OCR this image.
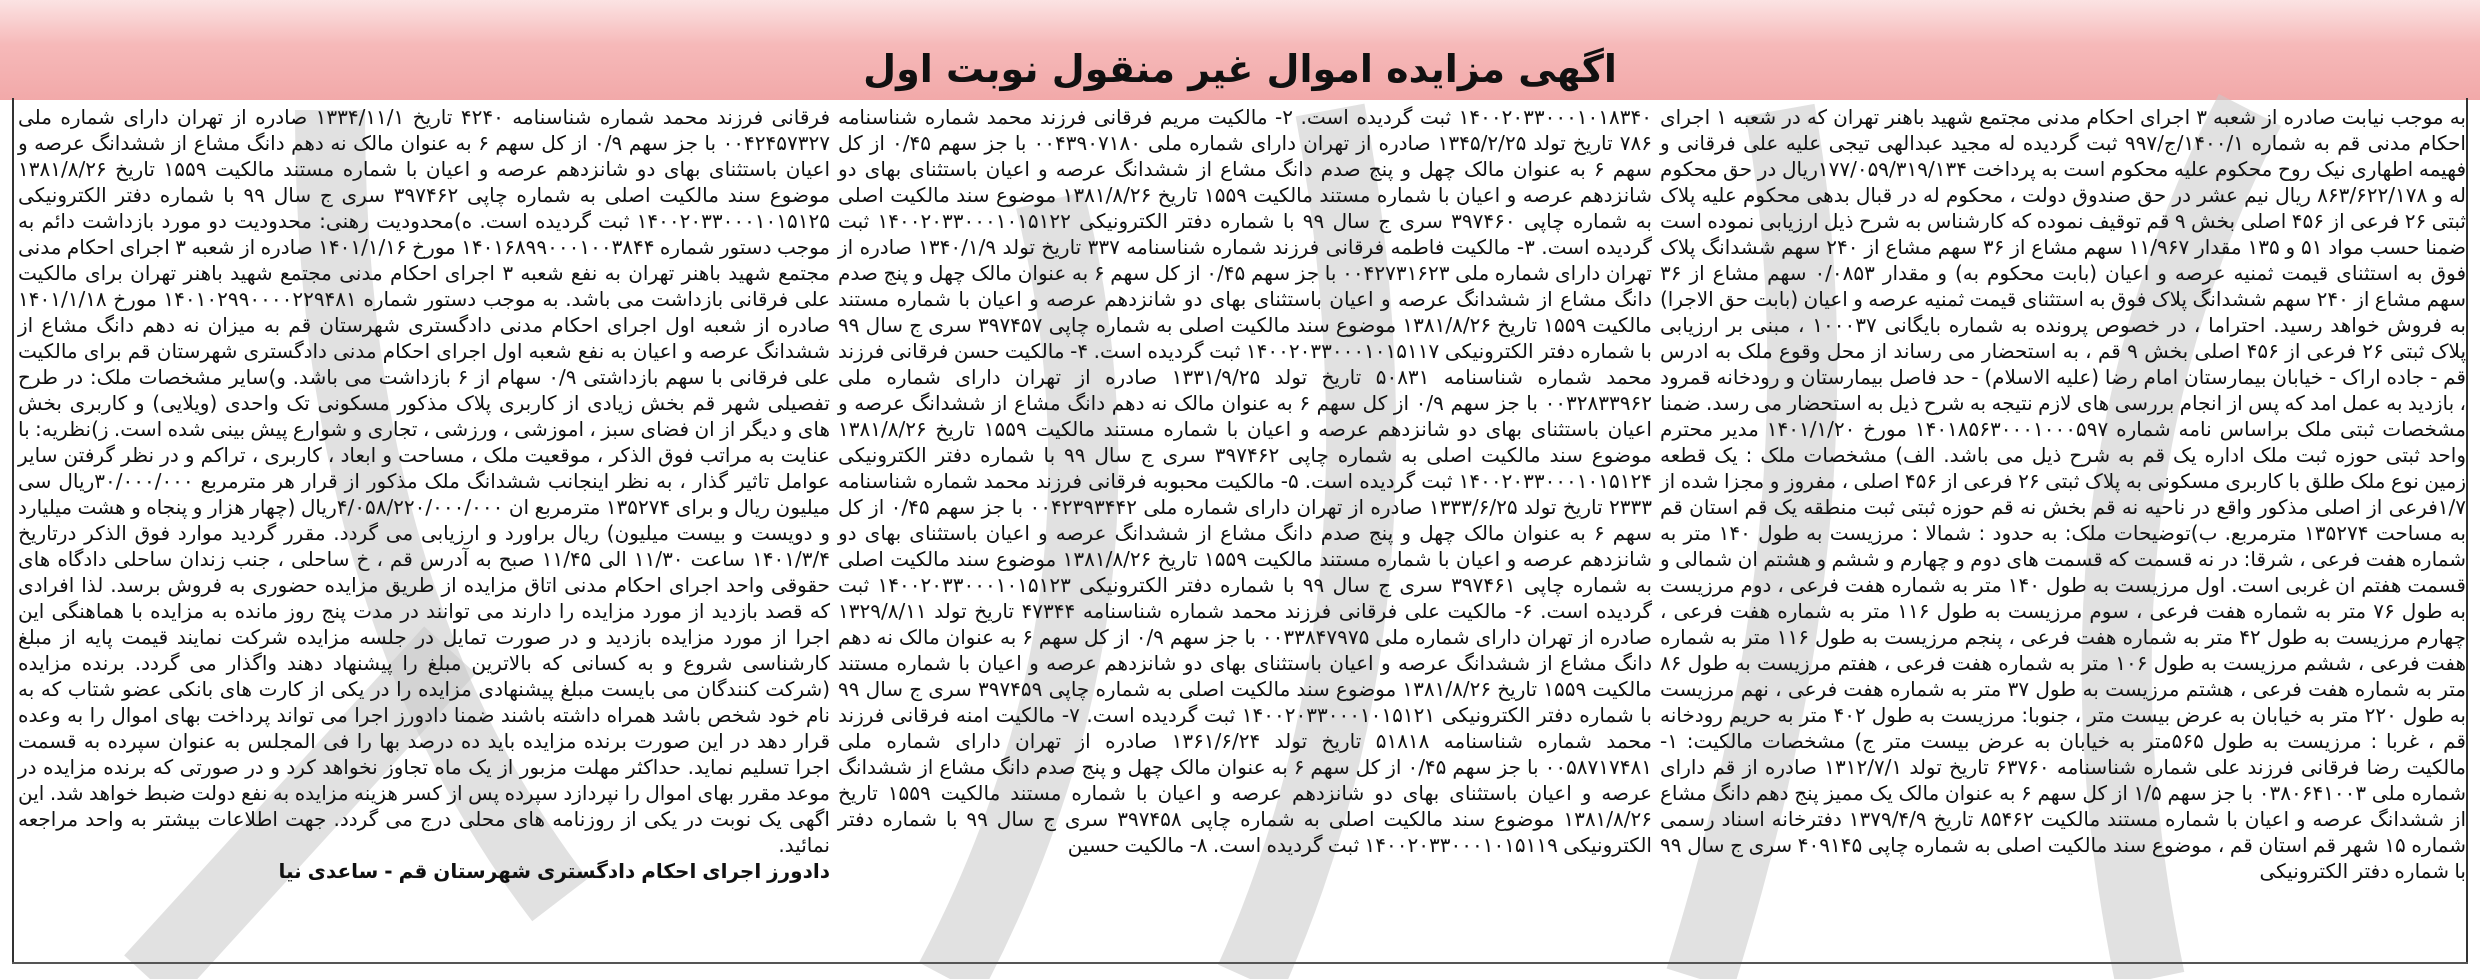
اگهی مزایده اموال غیر منقول نوبت اول
به موجب نیابت صادره از شعبه ۳ اجرای احکام مدنی مجتمع شهید باهنر تهران که در شعبه ۱ اجرای احکام مدنی قم به شماره ۱۴۰۰/۱/ج/۹۹۷ ثبت گردیده له مجید عبدالهی تیجی علیه علی فرقانی و فهیمه اطهاری نیک روح محکوم علیه محکوم است به پرداخت ۱۷۷/۰۵۹/۳۱۹/۱۳۴ریال در حق محکوم له و ۸۶۳/۶۲۲/۱۷۸ ریال نیم عشر در حق صندوق دولت ، محکوم له در قبال بدهی محکوم علیه پلاک ثبتی ۲۶ فرعی از ۴۵۶ اصلی بخش ۹ قم توقیف نموده که کارشناس به شرح ذیل ارزیابی نموده است ضمنا حسب مواد ۵۱ و ۱۳۵ مقدار ۱۱/۹۶۷ سهم مشاع از ۳۶ سهم مشاع از ۲۴۰ سهم ششدانگ پلاک فوق به استثنای قیمت ثمنیه عرصه و اعیان (بابت محکوم به) و مقدار ۰/۰۸۵۳ سهم مشاع از ۳۶ سهم مشاع از ۲۴۰ سهم ششدانگ پلاک فوق به استثنای قیمت ثمنیه عرصه و اعیان (بابت حق الاجرا) به فروش خواهد رسید. احتراما ، در خصوص پرونده به شماره بایگانی ۱۰۰۰۳۷ ، مبنی بر ارزیابی پلاک ثبتی ۲۶ فرعی از ۴۵۶ اصلی بخش ۹ قم ، به استحضار می رساند از محل وقوع ملک به ادرس قم - جاده اراک - خیابان بیمارستان امام رضا (علیه الاسلام) - حد فاصل بیمارستان و رودخانه قمرود ، بازدید به عمل امد که پس از انجام بررسی های لازم نتیجه به شرح ذیل به استحضار می رسد. ضمنا مشخصات ثبتی ملک براساس نامه شماره ۱۴۰۱۸۵۶۳۰۰۰۱۰۰۰۵۹۷ مورخ ۱۴۰۱/۱/۲۰ مدیر محترم واحد ثبتی حوزه ثبت ملک اداره یک قم به شرح ذیل می باشد. الف) مشخصات ملک : یک قطعه زمین نوع ملک طلق با کاربری مسکونی به پلاک ثبتی ۲۶ فرعی از ۴۵۶ اصلی ، مفروز و مجزا شده از ۱/۷فرعی از اصلی مذکور واقع در ناحیه نه قم بخش نه قم حوزه ثبتی ثبت منطقه یک قم استان قم به مساحت ۱۳۵۲۷۴ مترمربع. ب)توضیحات ملک: به حدود : شمالا : مرزیست به طول ۱۴۰ متر به شماره هفت فرعی ، شرقا: در نه قسمت که قسمت های دوم و چهارم و ششم و هشتم ان شمالی و قسمت هفتم ان غربی است. اول مرزیست به طول ۱۴۰ متر به شماره هفت فرعی ، دوم مرزیست به طول ۷۶ متر به شماره هفت فرعی ، سوم مرزیست به طول ۱۱۶ متر به شماره هفت فرعی ، چهارم مرزیست به طول ۴۲ متر به شماره هفت فرعی ، پنجم مرزیست به طول ۱۱۶ متر به شماره هفت فرعی ، ششم مرزیست به طول ۱۰۶ متر به شماره هفت فرعی ، هفتم مرزیست به طول ۸۶ متر به شماره هفت فرعی ، هشتم مرزیست به طول ۳۷ متر به شماره هفت فرعی ، نهم مرزیست به طول ۲۲۰ متر به خیابان به عرض بیست متر ، جنوبا: مرزیست به طول ۴۰۲ متر به حریم رودخانه قم ، غربا : مرزیست به طول ۵۶۵متر به خیابان به عرض بیست متر ج) مشخصات مالکیت: ۱- مالکیت رضا فرقانی فرزند علی شماره شناسنامه ۶۳۷۶۰ تاریخ تولد ۱۳۱۲/۷/۱ صادره از قم دارای شماره ملی ۰۳۸۰۶۴۱۰۰۳ با جز سهم ۱/۵ از کل سهم ۶ به عنوان مالک یک ممیز پنج دهم دانگ مشاع از ششدانگ عرصه و اعیان با شماره مستند مالکیت ۸۵۴۶۲ تاریخ ۱۳۷۹/۴/۹ دفترخانه اسناد رسمی شماره ۱۵ شهر قم استان قم ، موضوع سند مالکیت اصلی به شماره چاپی ۴۰۹۱۴۵ سری ج سال ۹۹ با شماره دفتر الکترونیکی
۱۴۰۰۲۰۳۳۰۰۰۱۰۱۸۳۴۰ ثبت گردیده است. ۲- مالکیت مریم فرقانی فرزند محمد شماره شناسنامه ۷۸۶ تاریخ تولد ۱۳۴۵/۲/۲۵ صادره از تهران دارای شماره ملی ۰۰۴۳۹۰۷۱۸۰ با جز سهم ۰/۴۵ از کل سهم ۶ به عنوان مالک چهل و پنج صدم دانگ مشاع از ششدانگ عرصه و اعیان باستثنای بهای دو شانزدهم عرصه و اعیان با شماره مستند مالکیت ۱۵۵۹ تاریخ ۱۳۸۱/۸/۲۶ موضوع سند مالکیت اصلی به شماره چاپی ۳۹۷۴۶۰ سری ج سال ۹۹ با شماره دفتر الکترونیکی ۱۴۰۰۲۰۳۳۰۰۰۱۰۱۵۱۲۲ ثبت گردیده است. ۳- مالکیت فاطمه فرقانی فرزند شماره شناسنامه ۳۳۷ تاریخ تولد ۱۳۴۰/۱/۹ صادره از تهران دارای شماره ملی ۰۰۴۲۷۳۱۶۲۳ با جز سهم ۰/۴۵ از کل سهم ۶ به عنوان مالک چهل و پنج صدم دانگ مشاع از ششدانگ عرصه و اعیان باستثنای بهای دو شانزدهم عرصه و اعیان با شماره مستند مالکیت ۱۵۵۹ تاریخ ۱۳۸۱/۸/۲۶ موضوع سند مالکیت اصلی به شماره چاپی ۳۹۷۴۵۷ سری ج سال ۹۹ با شماره دفتر الکترونیکی ۱۴۰۰۲۰۳۳۰۰۰۱۰۱۵۱۱۷ ثبت گردیده است. ۴- مالکیت حسن فرقانی فرزند محمد شماره شناسنامه ۵۰۸۳۱ تاریخ تولد ۱۳۳۱/۹/۲۵ صادره از تهران دارای شماره ملی ۰۰۳۲۸۳۳۹۶۲ با جز سهم ۰/۹ از کل سهم ۶ به عنوان مالک نه دهم دانگ مشاع از ششدانگ عرصه و اعیان باستثنای بهای دو شانزدهم عرصه و اعیان با شماره مستند مالکیت ۱۵۵۹ تاریخ ۱۳۸۱/۸/۲۶ موضوع سند مالکیت اصلی به شماره چاپی ۳۹۷۴۶۲ سری ج سال ۹۹ با شماره دفتر الکترونیکی ۱۴۰۰۲۰۳۳۰۰۰۱۰۱۵۱۲۴ ثبت گردیده است. ۵- مالکیت محبوبه فرقانی فرزند محمد شماره شناسنامه ۲۳۳۳ تاریخ تولد ۱۳۳۳/۶/۲۵ صادره از تهران دارای شماره ملی ۰۰۴۲۳۹۳۴۴۲ با جز سهم ۰/۴۵ از کل سهم ۶ به عنوان مالک چهل و پنج صدم دانگ مشاع از ششدانگ عرصه و اعیان باستثنای بهای دو شانزدهم عرصه و اعیان با شماره مستند مالکیت ۱۵۵۹ تاریخ ۱۳۸۱/۸/۲۶ موضوع سند مالکیت اصلی به شماره چاپی ۳۹۷۴۶۱ سری ج سال ۹۹ با شماره دفتر الکترونیکی ۱۴۰۰۲۰۳۳۰۰۰۱۰۱۵۱۲۳ ثبت گردیده است. ۶- مالکیت علی فرقانی فرزند محمد شماره شناسنامه ۴۷۳۴۴ تاریخ تولد ۱۳۲۹/۸/۱۱ صادره از تهران دارای شماره ملی ۰۰۳۳۸۴۷۹۷۵ با جز سهم ۰/۹ از کل سهم ۶ به عنوان مالک نه دهم دانگ مشاع از ششدانگ عرصه و اعیان باستثنای بهای دو شانزدهم عرصه و اعیان با شماره مستند مالکیت ۱۵۵۹ تاریخ ۱۳۸۱/۸/۲۶ موضوع سند مالکیت اصلی به شماره چاپی ۳۹۷۴۵۹ سری ج سال ۹۹ با شماره دفتر الکترونیکی ۱۴۰۰۲۰۳۳۰۰۰۱۰۱۵۱۲۱ ثبت گردیده است. ۷- مالکیت امنه فرقانی فرزند محمد شماره شناسنامه ۵۱۸۱۸ تاریخ تولد ۱۳۶۱/۶/۲۴ صادره از تهران دارای شماره ملی ۰۰۵۸۷۱۷۴۸۱ با جز سهم ۰/۴۵ از کل سهم ۶ به عنوان مالک چهل و پنج صدم دانگ مشاع از ششدانگ عرصه و اعیان باستثنای بهای دو شانزدهم عرصه و اعیان با شماره مستند مالکیت ۱۵۵۹ تاریخ ۱۳۸۱/۸/۲۶ موضوع سند مالکیت اصلی به شماره چاپی ۳۹۷۴۵۸ سری ج سال ۹۹ با شماره دفتر الکترونیکی ۱۴۰۰۲۰۳۳۰۰۰۱۰۱۵۱۱۹ ثبت گردیده است. ۸- مالکیت حسین
فرقانی فرزند محمد شماره شناسنامه ۴۲۴۰ تاریخ ۱۳۳۴/۱۱/۱ صادره از تهران دارای شماره ملی ۰۰۴۲۴۵۷۳۲۷ با جز سهم ۰/۹ از کل سهم ۶ به عنوان مالک نه دهم دانگ مشاع از ششدانگ عرصه و اعیان باستثنای بهای دو شانزدهم عرصه و اعیان با شماره مستند مالکیت ۱۵۵۹ تاریخ ۱۳۸۱/۸/۲۶ موضوع سند مالکیت اصلی به شماره چاپی ۳۹۷۴۶۲ سری ج سال ۹۹ با شماره دفتر الکترونیکی ۱۴۰۰۲۰۳۳۰۰۰۱۰۱۵۱۲۵ ثبت گردیده است. ه)محدودیت رهنی: محدودیت دو مورد بازداشت دائم به موجب دستور شماره ۱۴۰۱۶۸۹۹۰۰۰۱۰۰۳۸۴۴ مورخ ۱۴۰۱/۱/۱۶ صادره از شعبه ۳ اجرای احکام مدنی مجتمع شهید باهنر تهران به نفع شعبه ۳ اجرای احکام مدنی مجتمع شهید باهنر تهران برای مالکیت علی فرقانی بازداشت می باشد. به موجب دستور شماره ۱۴۰۱۰۲۹۹۰۰۰۰۲۲۹۴۸۱ مورخ ۱۴۰۱/۱/۱۸ صادره از شعبه اول اجرای احکام مدنی دادگستری شهرستان قم به میزان نه دهم دانگ مشاع از ششدانگ عرصه و اعیان به نفع شعبه اول اجرای احکام مدنی دادگستری شهرستان قم برای مالکیت علی فرقانی با سهم بازداشتی ۰/۹ سهام از ۶ بازداشت می باشد. و)سایر مشخصات ملک: در طرح تفصیلی شهر قم بخش زیادی از کاربری پلاک مذکور مسکونی تک واحدی (ویلایی) و کاربری بخش های و دیگر از ان فضای سبز ، اموزشی ، ورزشی ، تجاری و شوارع پیش بینی شده است. ز)نظریه: با عنایت به مراتب فوق الذکر ، موقعیت ملک ، مساحت و ابعاد ، کاربری ، تراکم و در نظر گرفتن سایر عوامل تاثیر گذار ، به نظر اینجانب ششدانگ ملک مذکور از قرار هر مترمربع ۳۰/۰۰۰/۰۰۰ریال سی میلیون ریال و برای ۱۳۵۲۷۴ مترمربع ان ۴/۰۵۸/۲۲۰/۰۰۰/۰۰۰ریال (چهار هزار و پنجاه و هشت میلیارد و دویست و بیست میلیون) ریال براورد و ارزیابی می گردد. مقرر گردید موارد فوق الذکر درتاریخ ۱۴۰۱/۳/۴ ساعت ۱۱/۳۰ الی ۱۱/۴۵ صبح به آدرس قم ، خ ساحلی ، جنب زندان ساحلی دادگاه های حقوقی واحد اجرای احکام مدنی اتاق مزایده از طریق مزایده حضوری به فروش برسد. لذا افرادی که قصد بازدید از مورد مزایده را دارند می توانند در مدت پنج روز مانده به مزایده با هماهنگی این اجرا از مورد مزایده بازدید و در صورت تمایل در جلسه مزایده شرکت نمایند قیمت پایه از مبلغ کارشناسی شروع و به کسانی که بالاترین مبلغ را پیشنهاد دهند واگذار می گردد. برنده مزایده (شرکت کنندگان می بایست مبلغ پیشنهادی مزایده را در یکی از کارت های بانکی عضو شتاب که به نام خود شخص باشد همراه داشته باشند ضمنا دادورز اجرا می تواند پرداخت بهای اموال را به وعده قرار دهد در این صورت برنده مزایده باید ده درصد بها را فی المجلس به عنوان سپرده به قسمت اجرا تسلیم نماید. حداکثر مهلت مزبور از یک ماه تجاوز نخواهد کرد و در صورتی که برنده مزایده در موعد مقرر بهای اموال را نپردازد سپرده پس از کسر هزینه مزایده به نفع دولت ضبط خواهد شد. این اگهی یک نوبت در یکی از روزنامه های محلی درج می گردد. جهت اطلاعات بیشتر به واحد مراجعه نمائید.
دادورز اجرای احکام دادگستری شهرستان قم - ساعدی نیا
